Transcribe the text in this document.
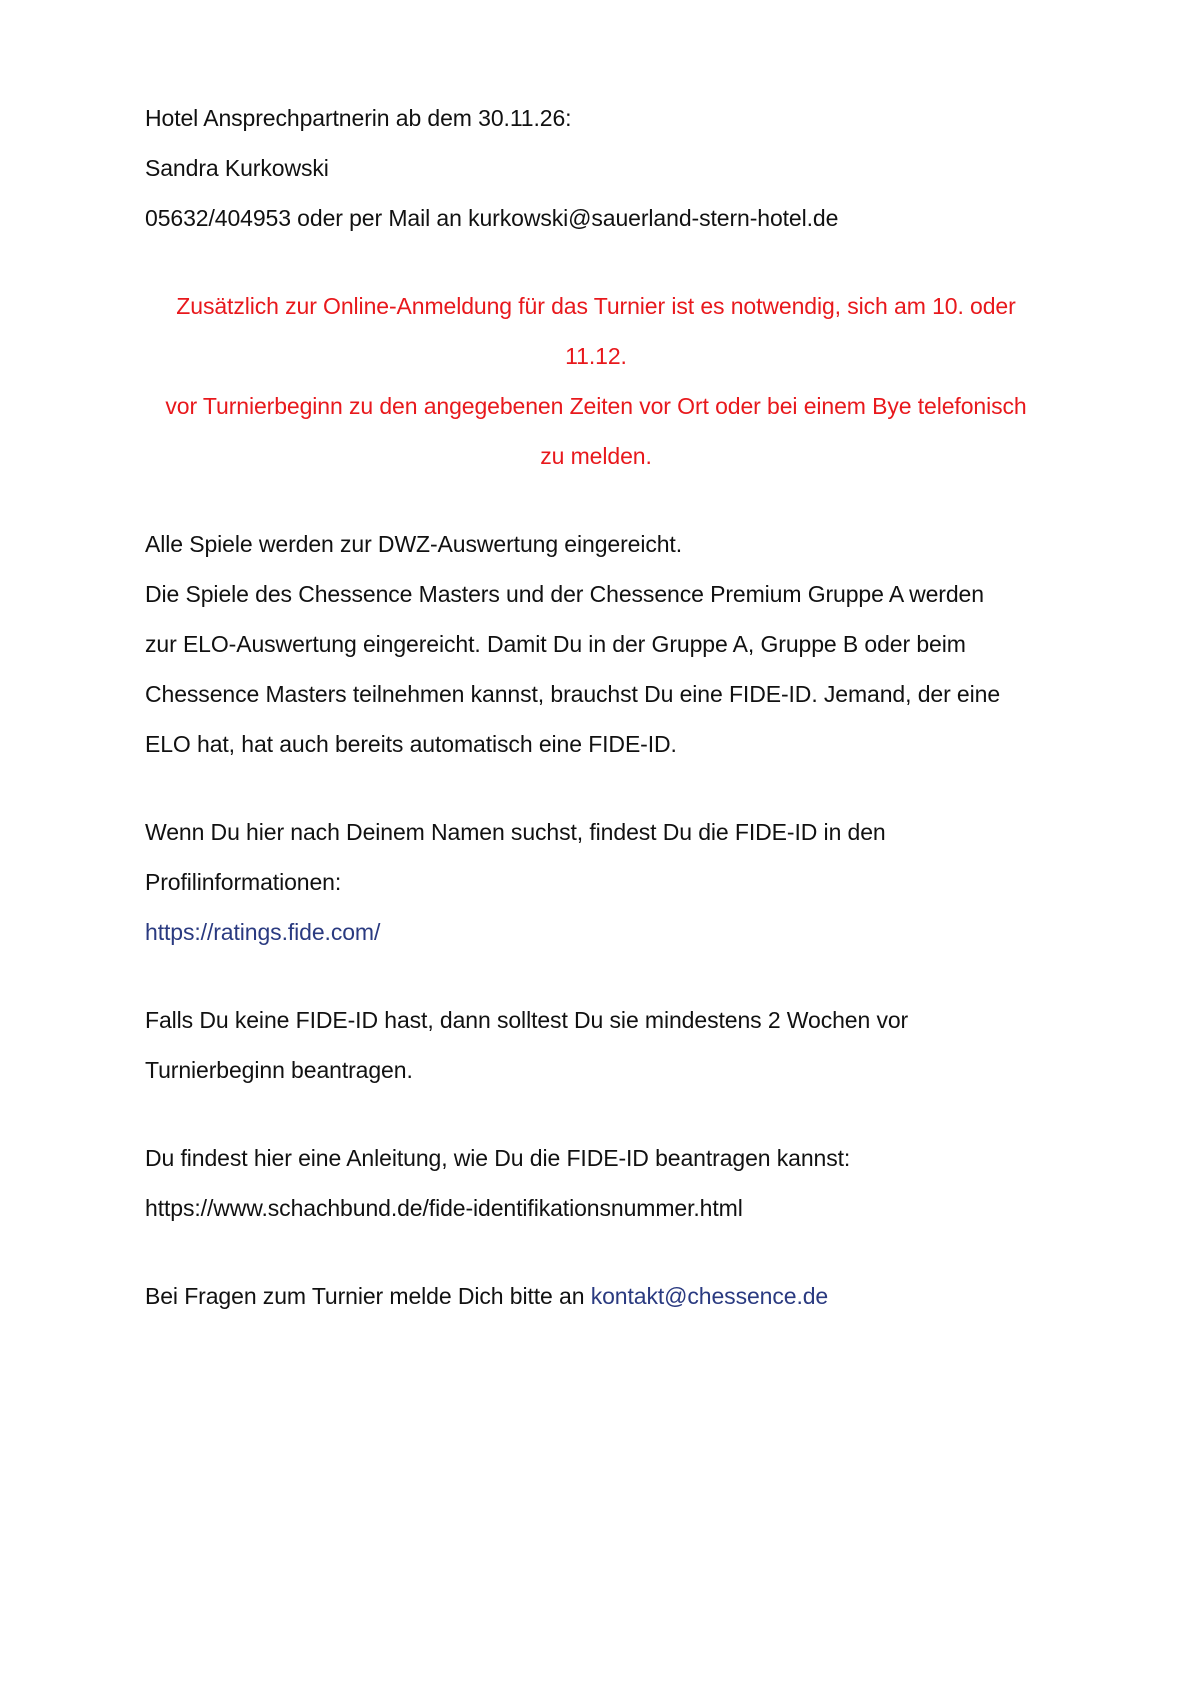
Hotel Ansprechpartnerin ab dem 30.11.26:
Sandra Kurkowski
05632/404953 oder per Mail an kurkowski@sauerland-stern-hotel.de
Zusätzlich zur Online-Anmeldung für das Turnier ist es notwendig, sich am 10. oder
11.12.
vor Turnierbeginn zu den angegebenen Zeiten vor Ort oder bei einem Bye telefonisch
zu melden.
Alle Spiele werden zur DWZ-Auswertung eingereicht.
Die Spiele des Chessence Masters und der Chessence Premium Gruppe A werden
zur ELO-Auswertung eingereicht. Damit Du in der Gruppe A, Gruppe B oder beim
Chessence Masters teilnehmen kannst, brauchst Du eine FIDE-ID. Jemand, der eine
ELO hat, hat auch bereits automatisch eine FIDE-ID.
Wenn Du hier nach Deinem Namen suchst, findest Du die FIDE-ID in den
Profilinformationen:
https://ratings.fide.com/
Falls Du keine FIDE-ID hast, dann solltest Du sie mindestens 2 Wochen vor
Turnierbeginn beantragen.
Du findest hier eine Anleitung, wie Du die FIDE-ID beantragen kannst:
https://www.schachbund.de/fide-identifikationsnummer.html
Bei Fragen zum Turnier melde Dich bitte an kontakt@chessence.de
